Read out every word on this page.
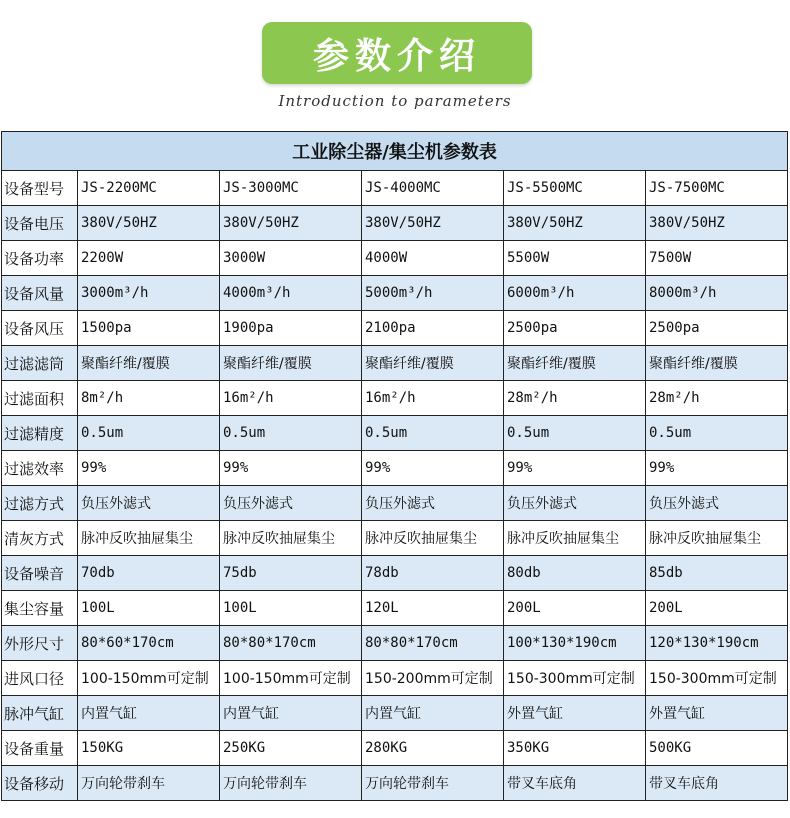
参数介绍
Introduction to parameters
工业除尘器/集尘机参数表					
设备型号	JS-2200MC	JS-3000MC	JS-4000MC	JS-5500MC	JS-7500MC
设备电压	380V/50HZ	380V/50HZ	380V/50HZ	380V/50HZ	380V/50HZ
设备功率	2200W	3000W	4000W	5500W	7500W
设备风量	3000m³/h	4000m³/h	5000m³/h	6000m³/h	8000m³/h
设备风压	1500pa	1900pa	2100pa	2500pa	2500pa
过滤滤筒	聚酯纤维/覆膜	聚酯纤维/覆膜	聚酯纤维/覆膜	聚酯纤维/覆膜	聚酯纤维/覆膜
过滤面积	8m²/h	16m²/h	16m²/h	28m²/h	28m²/h
过滤精度	0.5um	0.5um	0.5um	0.5um	0.5um
过滤效率	99%	99%	99%	99%	99%
过滤方式	负压外滤式	负压外滤式	负压外滤式	负压外滤式	负压外滤式
清灰方式	脉冲反吹抽屉集尘	脉冲反吹抽屉集尘	脉冲反吹抽屉集尘	脉冲反吹抽屉集尘	脉冲反吹抽屉集尘
设备噪音	70db	75db	78db	80db	85db
集尘容量	100L	100L	120L	200L	200L
外形尺寸	80*60*170cm	80*80*170cm	80*80*170cm	100*130*190cm	120*130*190cm
进风口径	100-150mm可定制	100-150mm可定制	150-200mm可定制	150-300mm可定制	150-300mm可定制
脉冲气缸	内置气缸	内置气缸	内置气缸	外置气缸	外置气缸
设备重量	150KG	250KG	280KG	350KG	500KG
设备移动	万向轮带刹车	万向轮带刹车	万向轮带刹车	带叉车底角	带叉车底角
